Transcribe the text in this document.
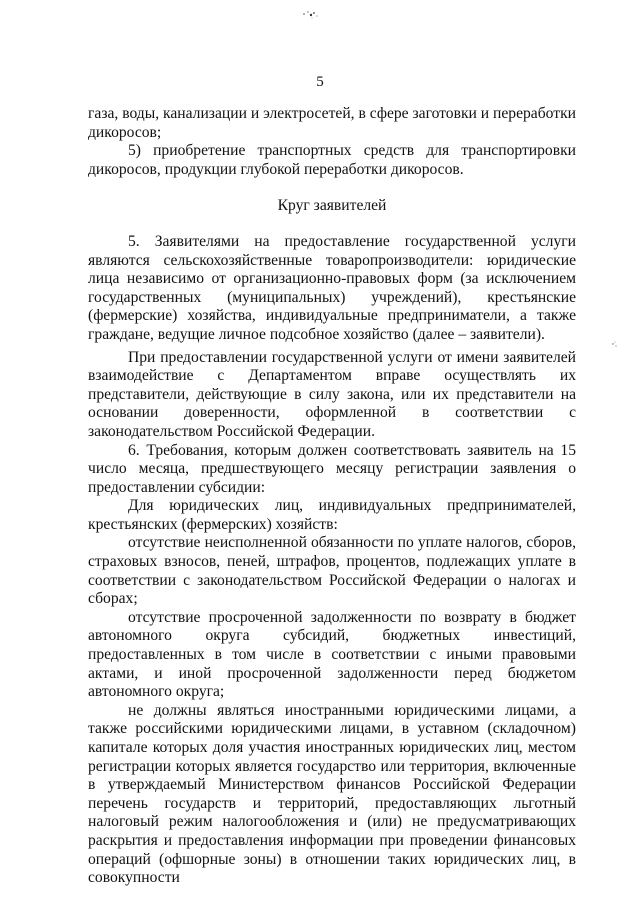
5

газа, воды, канализации и электросетей, в сфере заготовки и переработки дикоросов;

5) приобретение транспортных средств для транспортировки дикоросов, продукции глубокой переработки дикоросов.

Круг заявителей

5. Заявителями на предоставление государственной услуги являются сельскохозяйственные товаропроизводители: юридические лица независимо от организационно-правовых форм (за исключением государственных (муниципальных) учреждений), крестьянские (фермерские) хозяйства, индивидуальные предприниматели, а также граждане, ведущие личное подсобное хозяйство (далее – заявители).

При предоставлении государственной услуги от имени заявителей взаимодействие с Департаментом вправе осуществлять их представители, действующие в силу закона, или их представители на основании доверенности, оформленной в соответствии с законодательством Российской Федерации.

6. Требования, которым должен соответствовать заявитель на 15 число месяца, предшествующего месяцу регистрации заявления о предоставлении субсидии:

Для юридических лиц, индивидуальных предпринимателей, крестьянских (фермерских) хозяйств:

отсутствие неисполненной обязанности по уплате налогов, сборов, страховых взносов, пеней, штрафов, процентов, подлежащих уплате в соответствии с законодательством Российской Федерации о налогах и сборах;

отсутствие просроченной задолженности по возврату в бюджет автономного округа субсидий, бюджетных инвестиций, предоставленных в том числе в соответствии с иными правовыми актами, и иной просроченной задолженности перед бюджетом автономного округа;

не должны являться иностранными юридическими лицами, а также российскими юридическими лицами, в уставном (складочном) капитале которых доля участия иностранных юридических лиц, местом регистрации которых является государство или территория, включенные в утверждаемый Министерством финансов Российской Федерации перечень государств и территорий, предоставляющих льготный налоговый режим налогообложения и (или) не предусматривающих раскрытия и предоставления информации при проведении финансовых операций (офшорные зоны) в отношении таких юридических лиц, в совокупности
